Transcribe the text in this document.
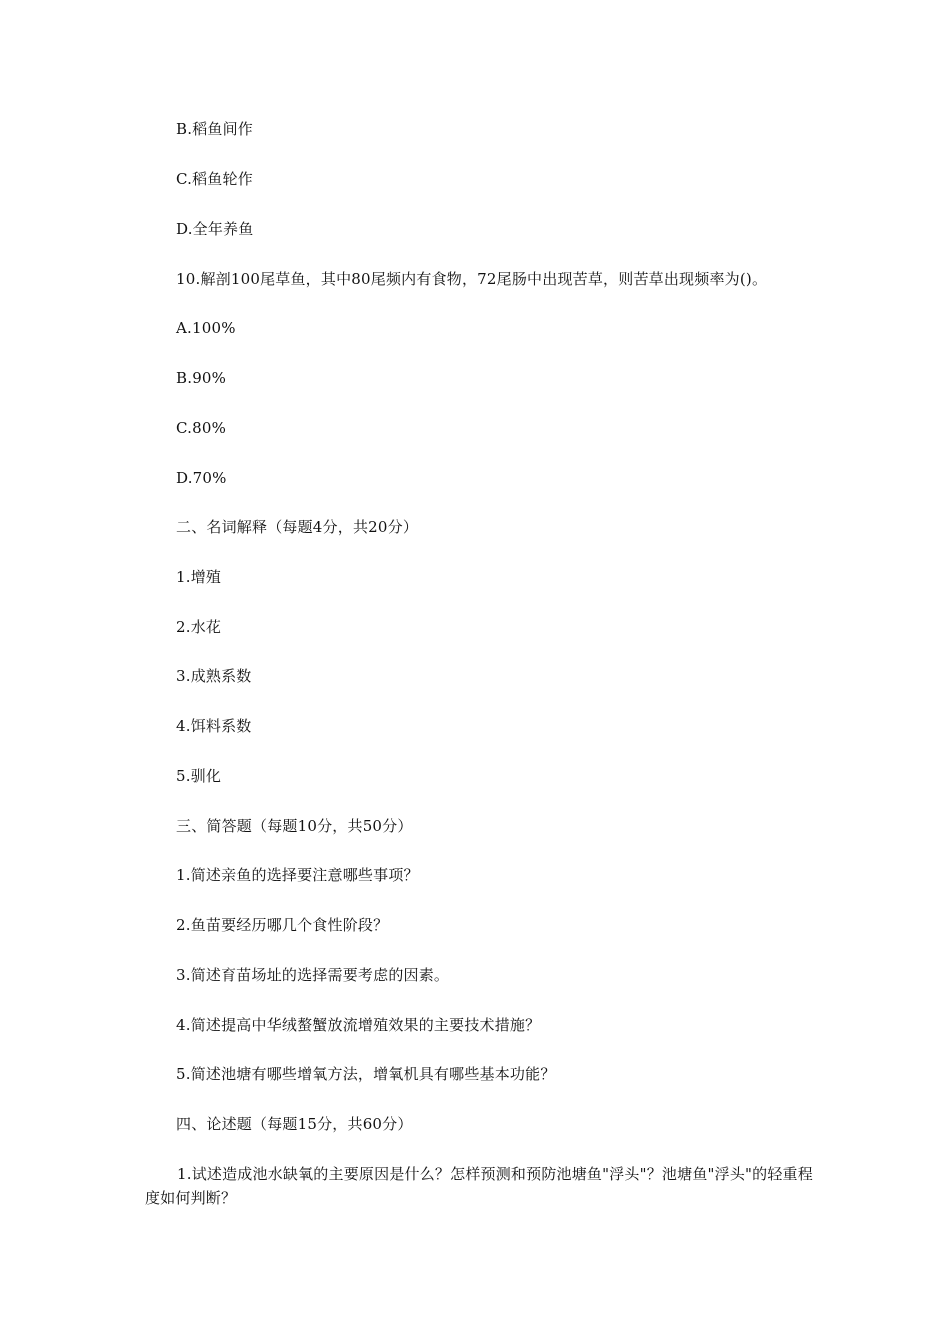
B.稻鱼间作
C.稻鱼轮作
D.全年养鱼
10.解剖100尾草鱼，其中80尾频内有食物，72尾肠中出现苦草，则苦草出现频率为()。
A.100%
B.90%
C.80%
D.70%
二、名词解释（每题4分，共20分）
1.增殖
2.水花
3.成熟系数
4.饵料系数
5.驯化
三、简答题（每题10分，共50分）
1.简述亲鱼的选择要注意哪些事项？
2.鱼苗要经历哪几个食性阶段？
3.简述育苗场址的选择需要考虑的因素。
4.简述提高中华绒螯蟹放流增殖效果的主要技术措施？
5.简述池塘有哪些增氧方法，增氧机具有哪些基本功能？
四、论述题（每题15分，共60分）
1.试述造成池水缺氧的主要原因是什么？怎样预测和预防池塘鱼"浮头"？池塘鱼"浮头"的轻重程度如何判断？
